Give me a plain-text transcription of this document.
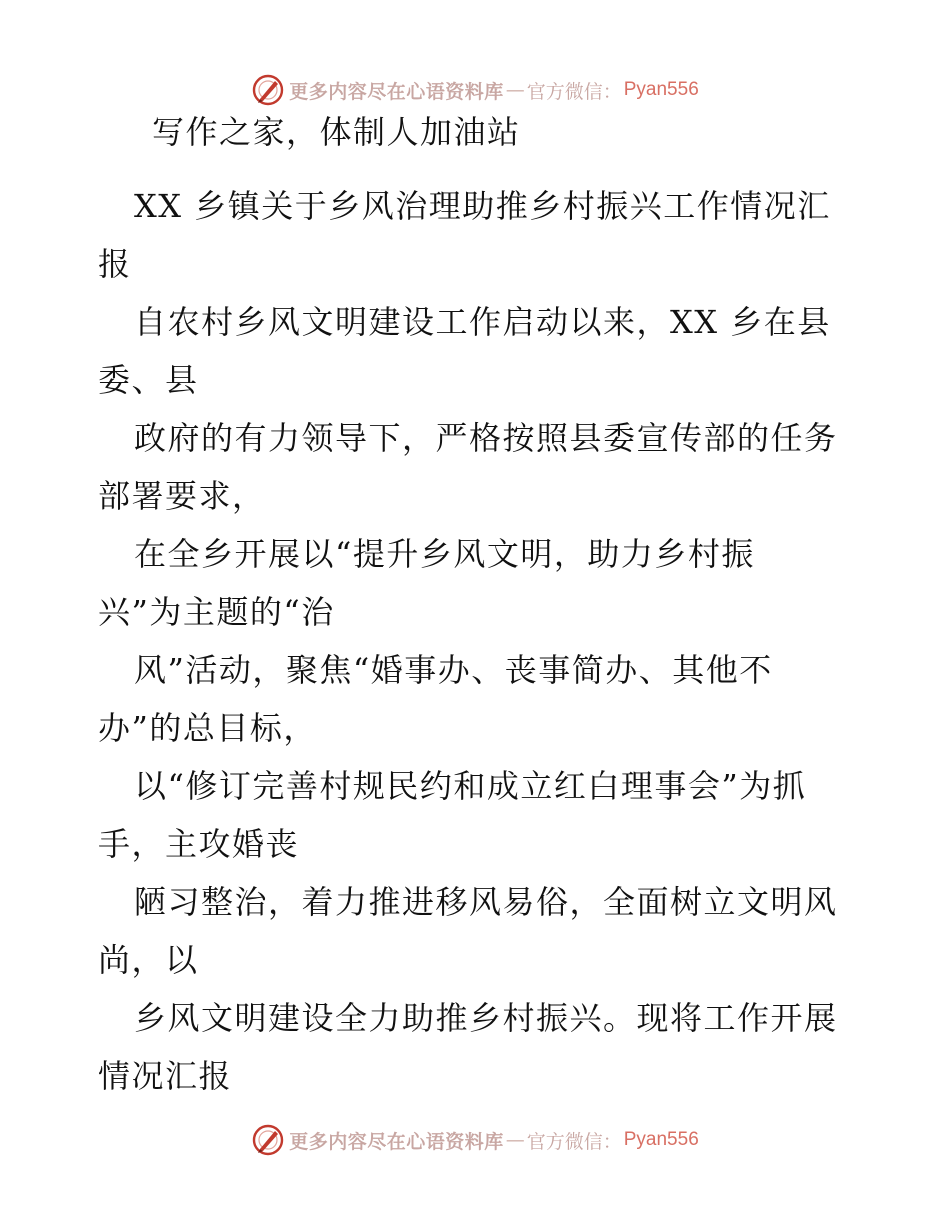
更多内容尽在心语资料库 — 官方微信： Pyan556
写作之家，体制人加油站
XX 乡镇关于乡风治理助推乡村振兴工作情况汇
报
自农村乡风文明建设工作启动以来，XX 乡在县
委、县
政府的有力领导下，严格按照县委宣传部的任务
部署要求，
在全乡开展以“提升乡风文明，助力乡村振
兴”为主题的“治
风”活动，聚焦“婚事办、丧事简办、其他不
办”的总目标，
以“修订完善村规民约和成立红白理事会”为抓
手，主攻婚丧
陋习整治，着力推进移风易俗，全面树立文明风
尚，以
乡风文明建设全力助推乡村振兴。现将工作开展
情况汇报
更多内容尽在心语资料库 — 官方微信： Pyan556
